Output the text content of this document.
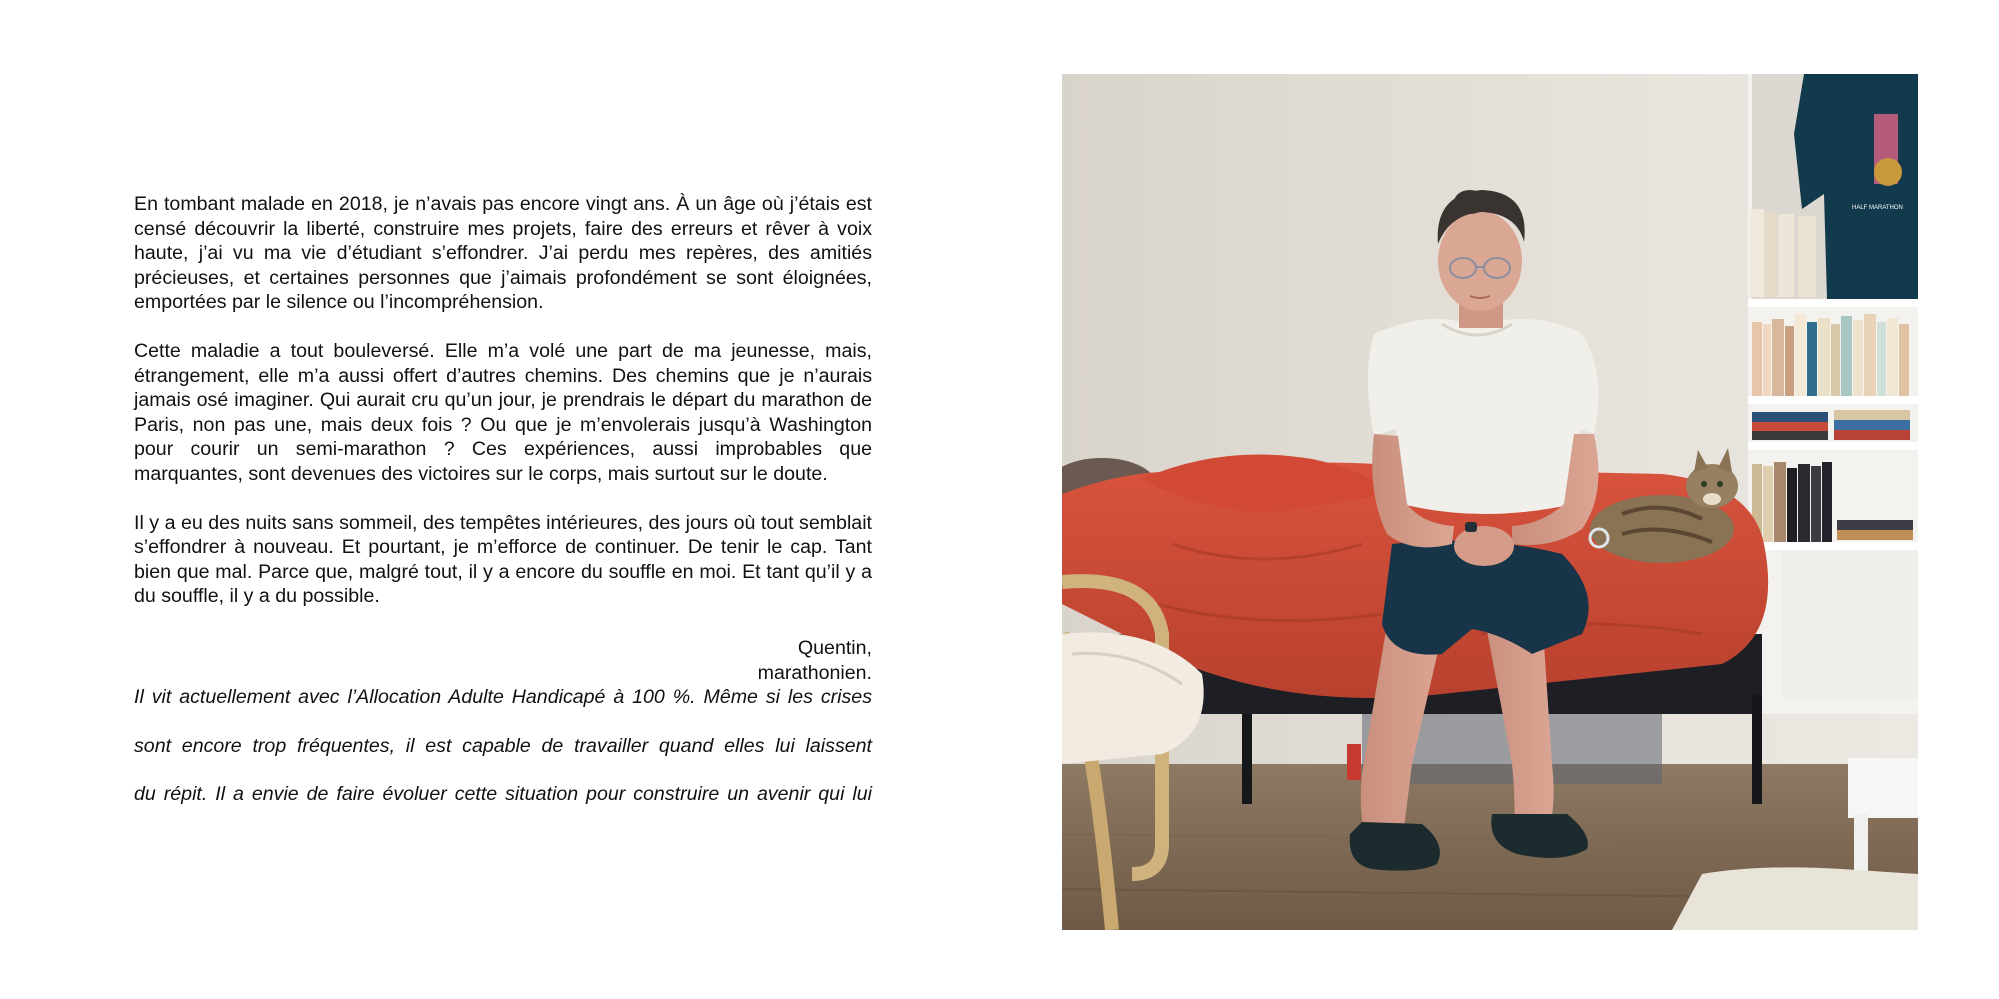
En tombant malade en 2018, je n’avais pas encore vingt ans. À un âge où j’étais est censé découvrir la liberté, construire mes projets, faire des erreurs et rêver à voix haute, j’ai vu ma vie d’étudiant s’effondrer. J’ai perdu mes repères, des amitiés précieuses, et certaines personnes que j’aimais profondément se sont éloignées, emportées par le silence ou l’incompréhension.

Cette maladie a tout bouleversé. Elle m’a volé une part de ma jeunesse, mais, étrangement, elle m’a aussi offert d’autres chemins. Des chemins que je n’aurais jamais osé imaginer. Qui aurait cru qu’un jour, je prendrais le départ du marathon de Paris, non pas une, mais deux fois ? Ou que je m’envolerais jusqu’à Washington pour courir un semi-marathon ? Ces expériences, aussi improbables que marquantes, sont devenues des victoires sur le corps, mais surtout sur le doute.

Il y a eu des nuits sans sommeil, des tempêtes intérieures, des jours où tout semblait s’effondrer à nouveau. Et pourtant, je m’efforce de continuer. De tenir le cap. Tant bien que mal. Parce que, malgré tout, il y a encore du souffle en moi. Et tant qu’il y a du souffle, il y a du possible.

Quentin,
marathonien.

Il vit actuellement avec l’Allocation Adulte Handicapé à 100 %. Même si les crises

sont encore trop fréquentes, il est capable de travailler quand elles lui laissent

du répit. Il a envie de faire évoluer cette situation pour construire un avenir qui lui

HALF MARATHON
